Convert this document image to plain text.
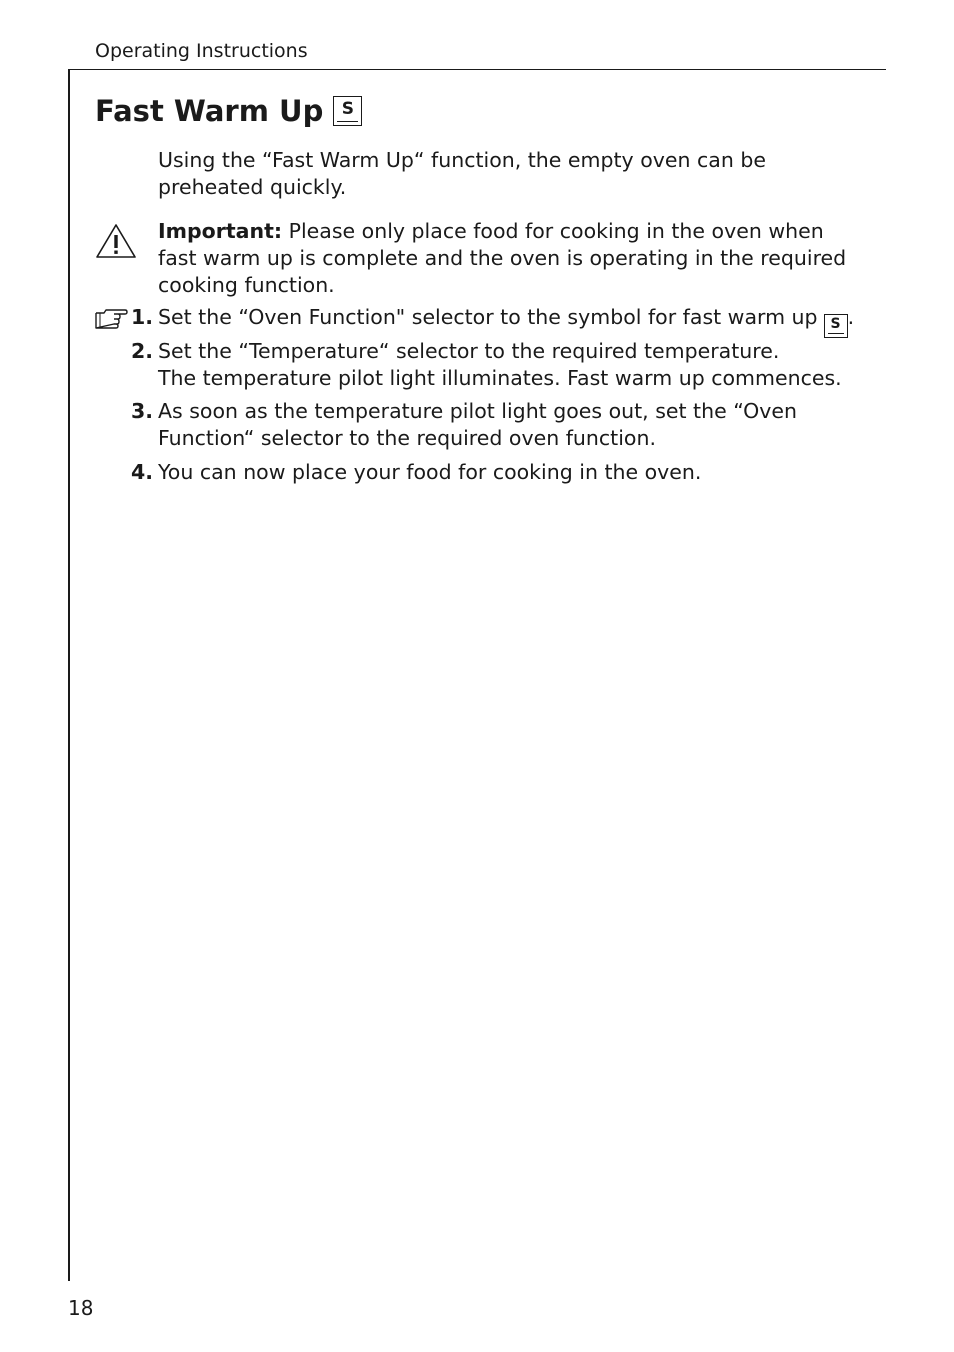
Operating Instructions
Fast Warm Up	S

Using the “Fast Warm Up“ function, the empty oven can be preheated quickly.

Important: Please only place food for cooking in the oven when fast warm up is complete and the oven is operating in the required cooking function.

1. Set the “Oven Function" selector to the symbol for fast warm up S .
2. Set the “Temperature“ selector to the required temperature.
The temperature pilot light illuminates. Fast warm up commences.
3. As soon as the temperature pilot light goes out, set the “Oven Function“ selector to the required oven function.
4. You can now place your food for cooking in the oven.
18
